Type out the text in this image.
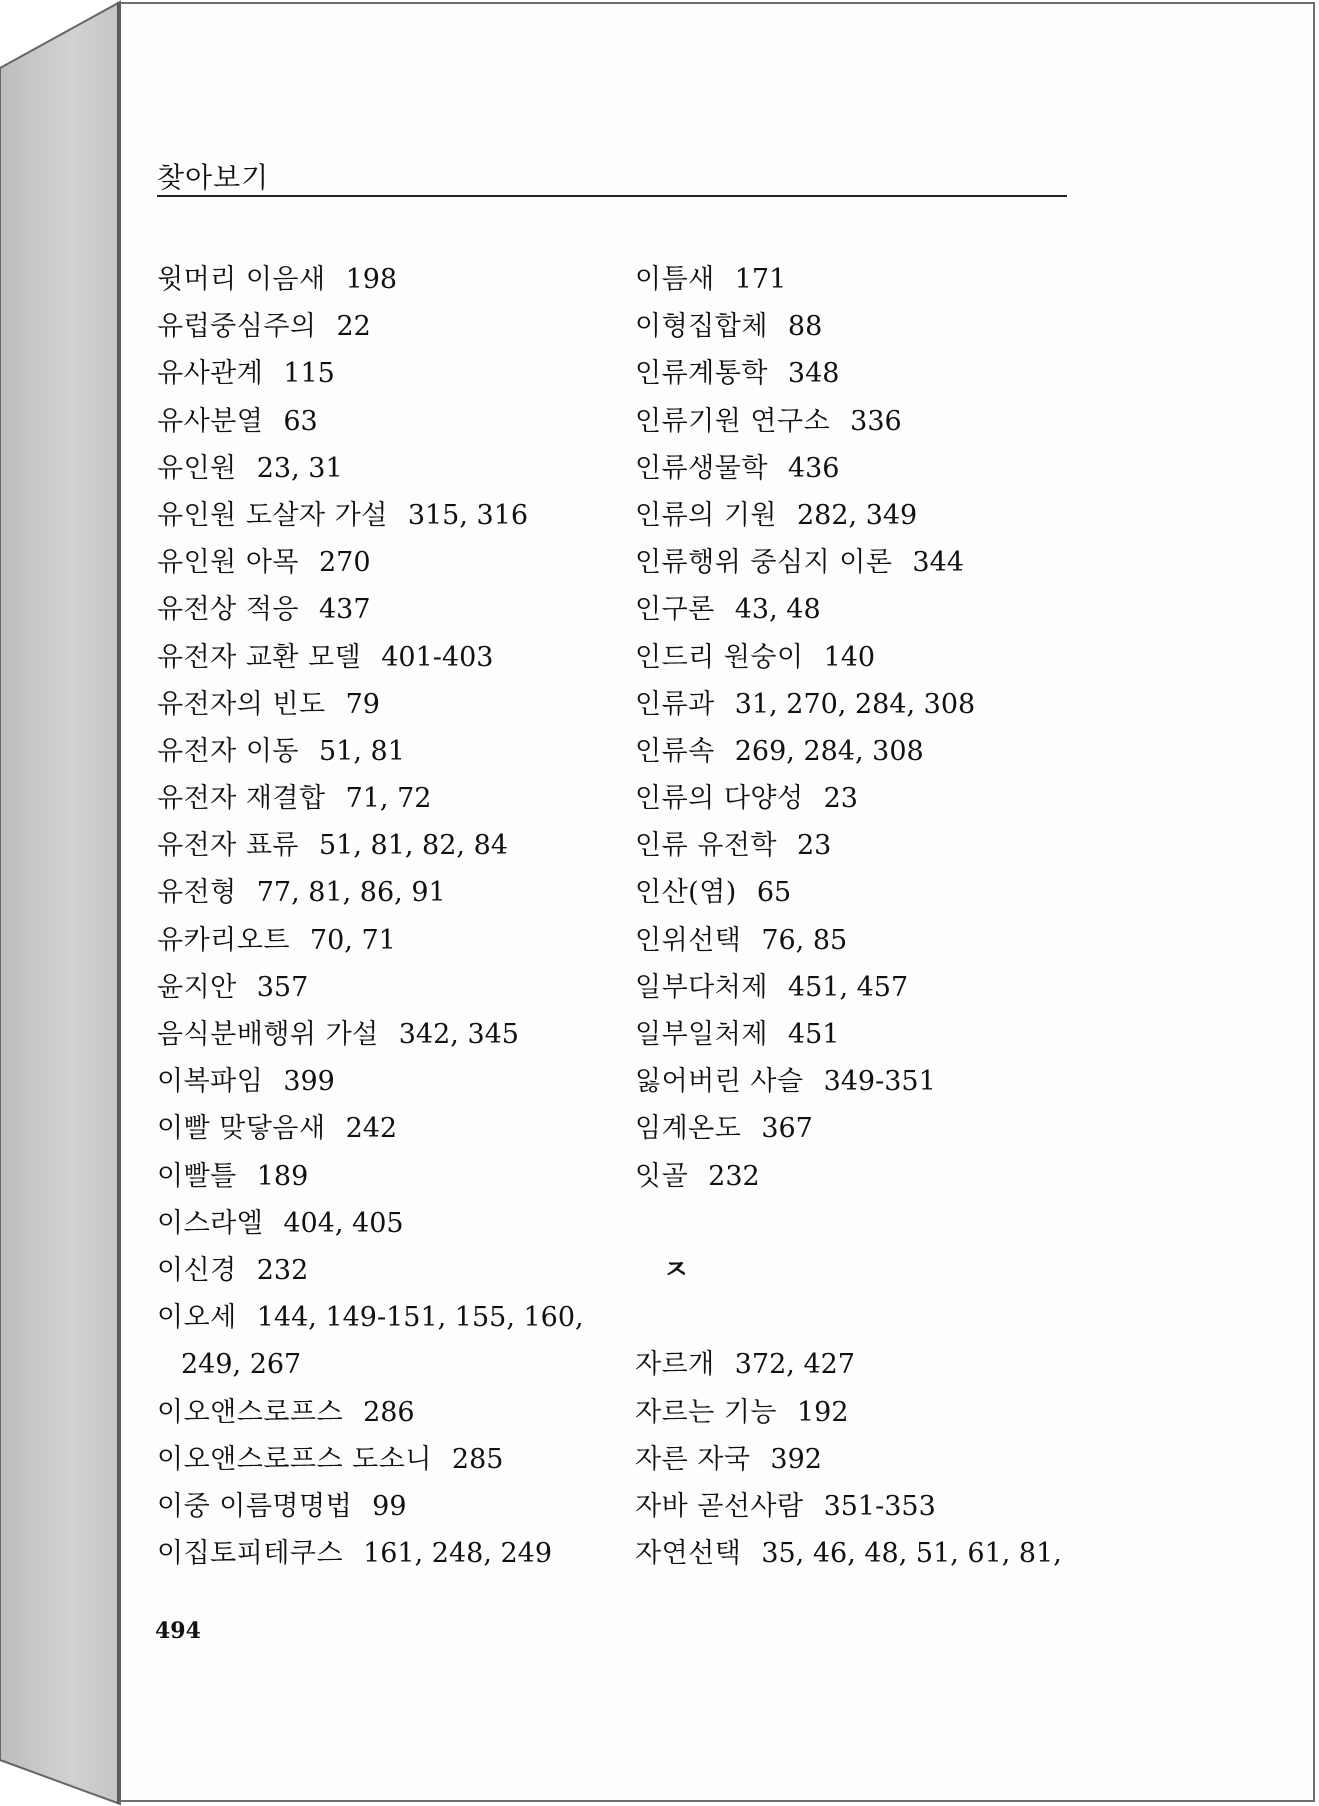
찾아보기
윗머리 이음새 198
유럽중심주의 22
유사관계 115
유사분열 63
유인원 23, 31
유인원 도살자 가설 315, 316
유인원 아목 270
유전상 적응 437
유전자 교환 모델 401-403
유전자의 빈도 79
유전자 이동 51, 81
유전자 재결합 71, 72
유전자 표류 51, 81, 82, 84
유전형 77, 81, 86, 91
유카리오트 70, 71
윤지안 357
음식분배행위 가설 342, 345
이복파임 399
이빨 맞닿음새 242
이빨틀 189
이스라엘 404, 405
이신경 232
이오세 144, 149-151, 155, 160,
249, 267
이오앤스로프스 286
이오앤스로프스 도소니 285
이중 이름명명법 99
이집토피테쿠스 161, 248, 249
이틈새 171
이형집합체 88
인류계통학 348
인류기원 연구소 336
인류생물학 436
인류의 기원 282, 349
인류행위 중심지 이론 344
인구론 43, 48
인드리 원숭이 140
인류과 31, 270, 284, 308
인류속 269, 284, 308
인류의 다양성 23
인류 유전학 23
인산(염) 65
인위선택 76, 85
일부다처제 451, 457
일부일처제 451
잃어버린 사슬 349-351
임계온도 367
잇골 232
ㅈ
자르개 372, 427
자르는 기능 192
자른 자국 392
자바 곧선사람 351-353
자연선택 35, 46, 48, 51, 61, 81,
494
